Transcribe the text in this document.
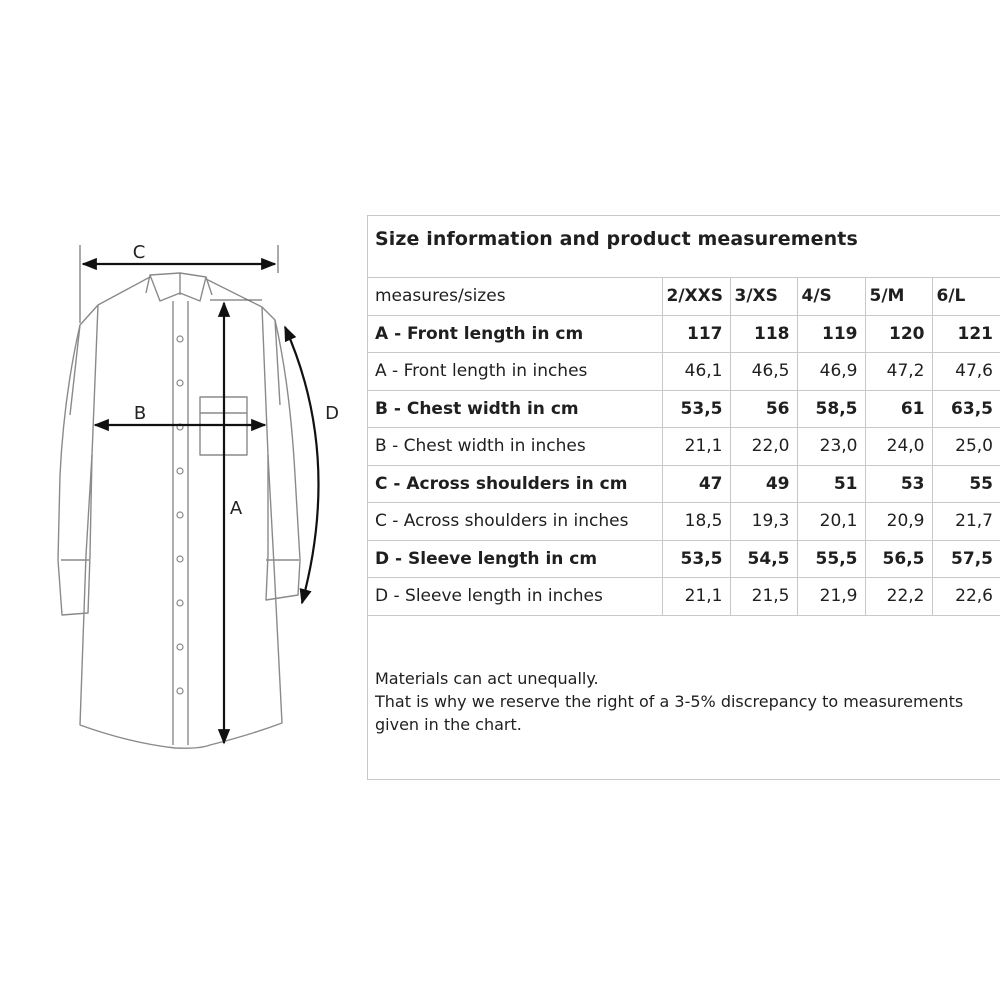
C
B
A
D
Size information and product measurements
measures/sizes	2/XXS	3/XS	4/S	5/M	6/L
A - Front length in cm	117	118	119	120	121
A - Front length in inches	46,1	46,5	46,9	47,2	47,6
B - Chest width in cm	53,5	56	58,5	61	63,5
B - Chest width in inches	21,1	22,0	23,0	24,0	25,0
C - Across shoulders in cm	47	49	51	53	55
C - Across shoulders in inches	18,5	19,3	20,1	20,9	21,7
D - Sleeve length in cm	53,5	54,5	55,5	56,5	57,5
D - Sleeve length in inches	21,1	21,5	21,9	22,2	22,6
Materials can act unequally.
That is why we reserve the right of a 3-5% discrepancy to measurements
given in the chart.
